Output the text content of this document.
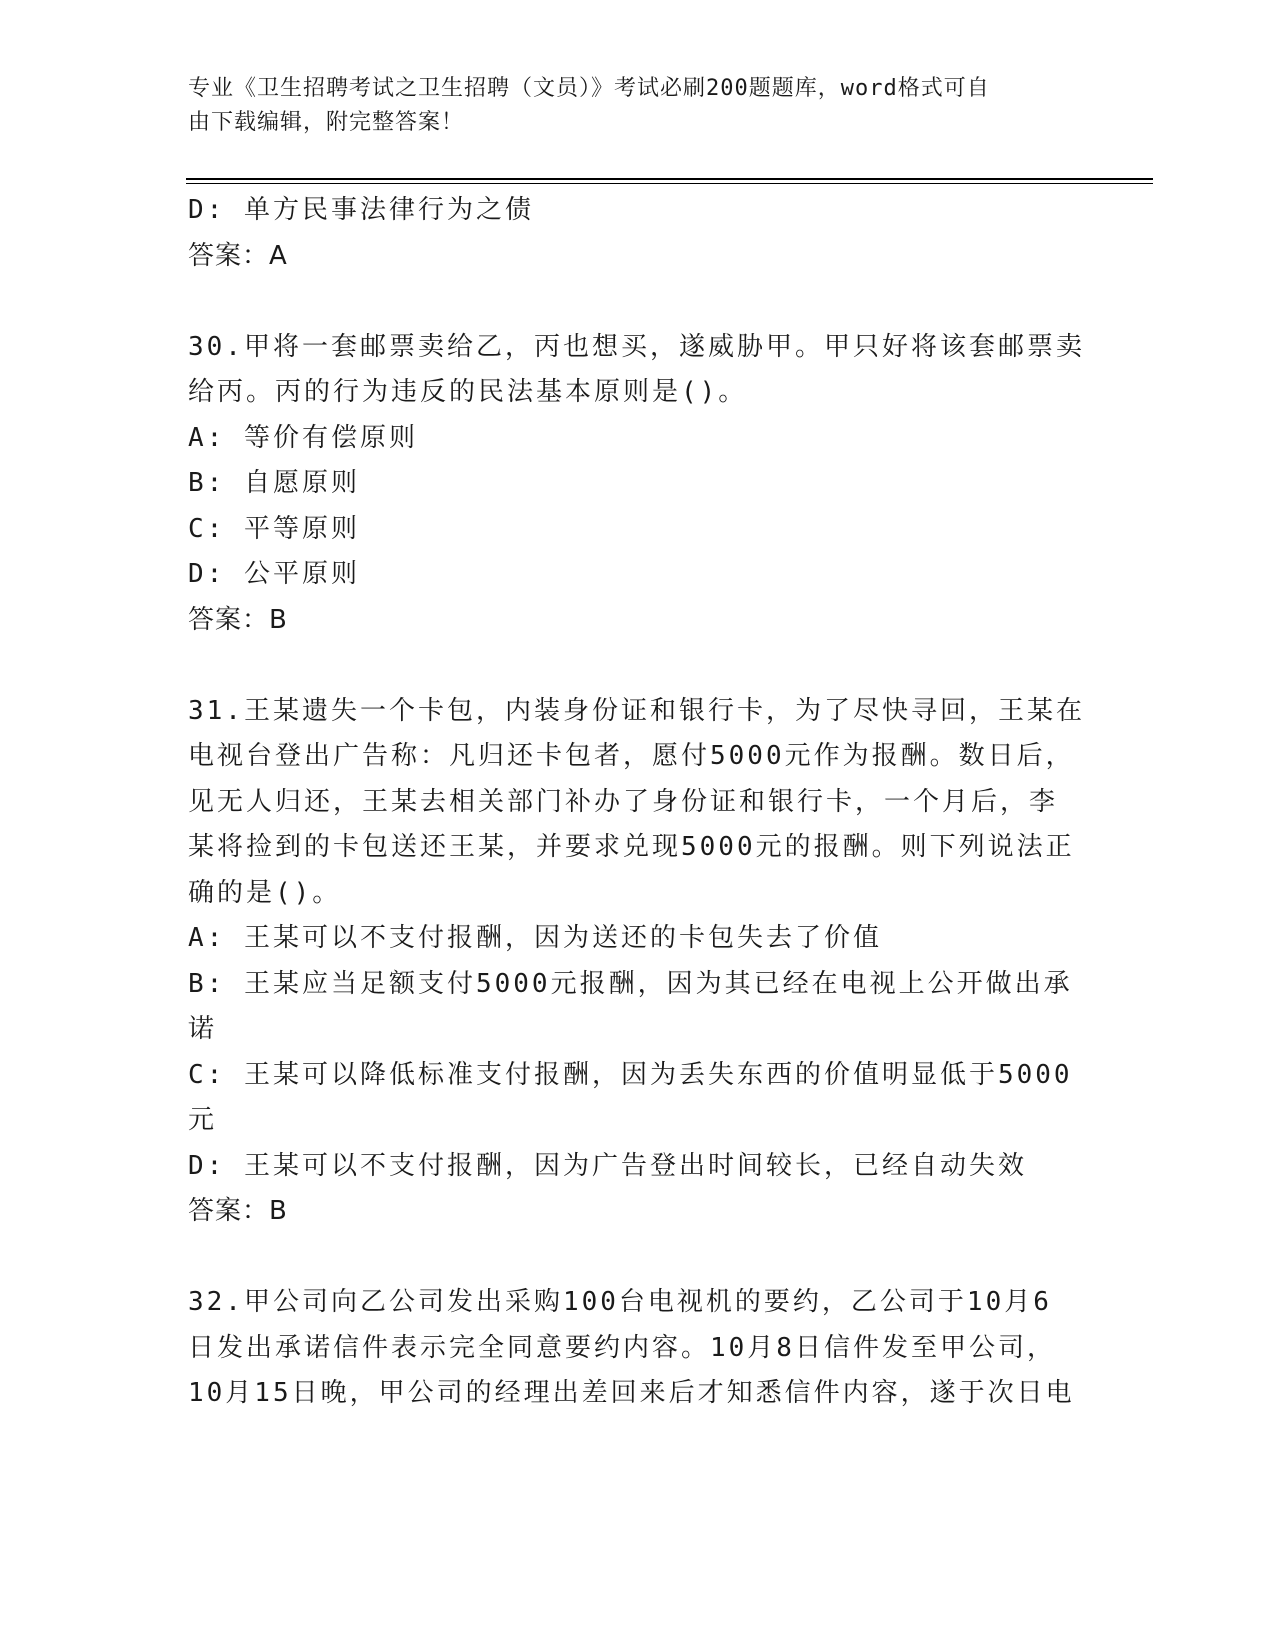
专业《卫生招聘考试之卫生招聘（文员）》考试必刷200题题库，word格式可自
由下载编辑，附完整答案！
D: 单方民事法律行为之债
答案：A
30.甲将一套邮票卖给乙，丙也想买，遂威胁甲。甲只好将该套邮票卖
给丙。丙的行为违反的民法基本原则是()。
A: 等价有偿原则
B: 自愿原则
C: 平等原则
D: 公平原则
答案：B
31.王某遗失一个卡包，内装身份证和银行卡，为了尽快寻回，王某在
电视台登出广告称：凡归还卡包者，愿付5000元作为报酬。数日后，
见无人归还，王某去相关部门补办了身份证和银行卡，一个月后，李
某将捡到的卡包送还王某，并要求兑现5000元的报酬。则下列说法正
确的是()。
A: 王某可以不支付报酬，因为送还的卡包失去了价值
B: 王某应当足额支付5000元报酬，因为其已经在电视上公开做出承
诺
C: 王某可以降低标准支付报酬，因为丢失东西的价值明显低于5000
元
D: 王某可以不支付报酬，因为广告登出时间较长，已经自动失效
答案：B
32.甲公司向乙公司发出采购100台电视机的要约，乙公司于10月6
日发出承诺信件表示完全同意要约内容。10月8日信件发至甲公司，
10月15日晚，甲公司的经理出差回来后才知悉信件内容，遂于次日电
